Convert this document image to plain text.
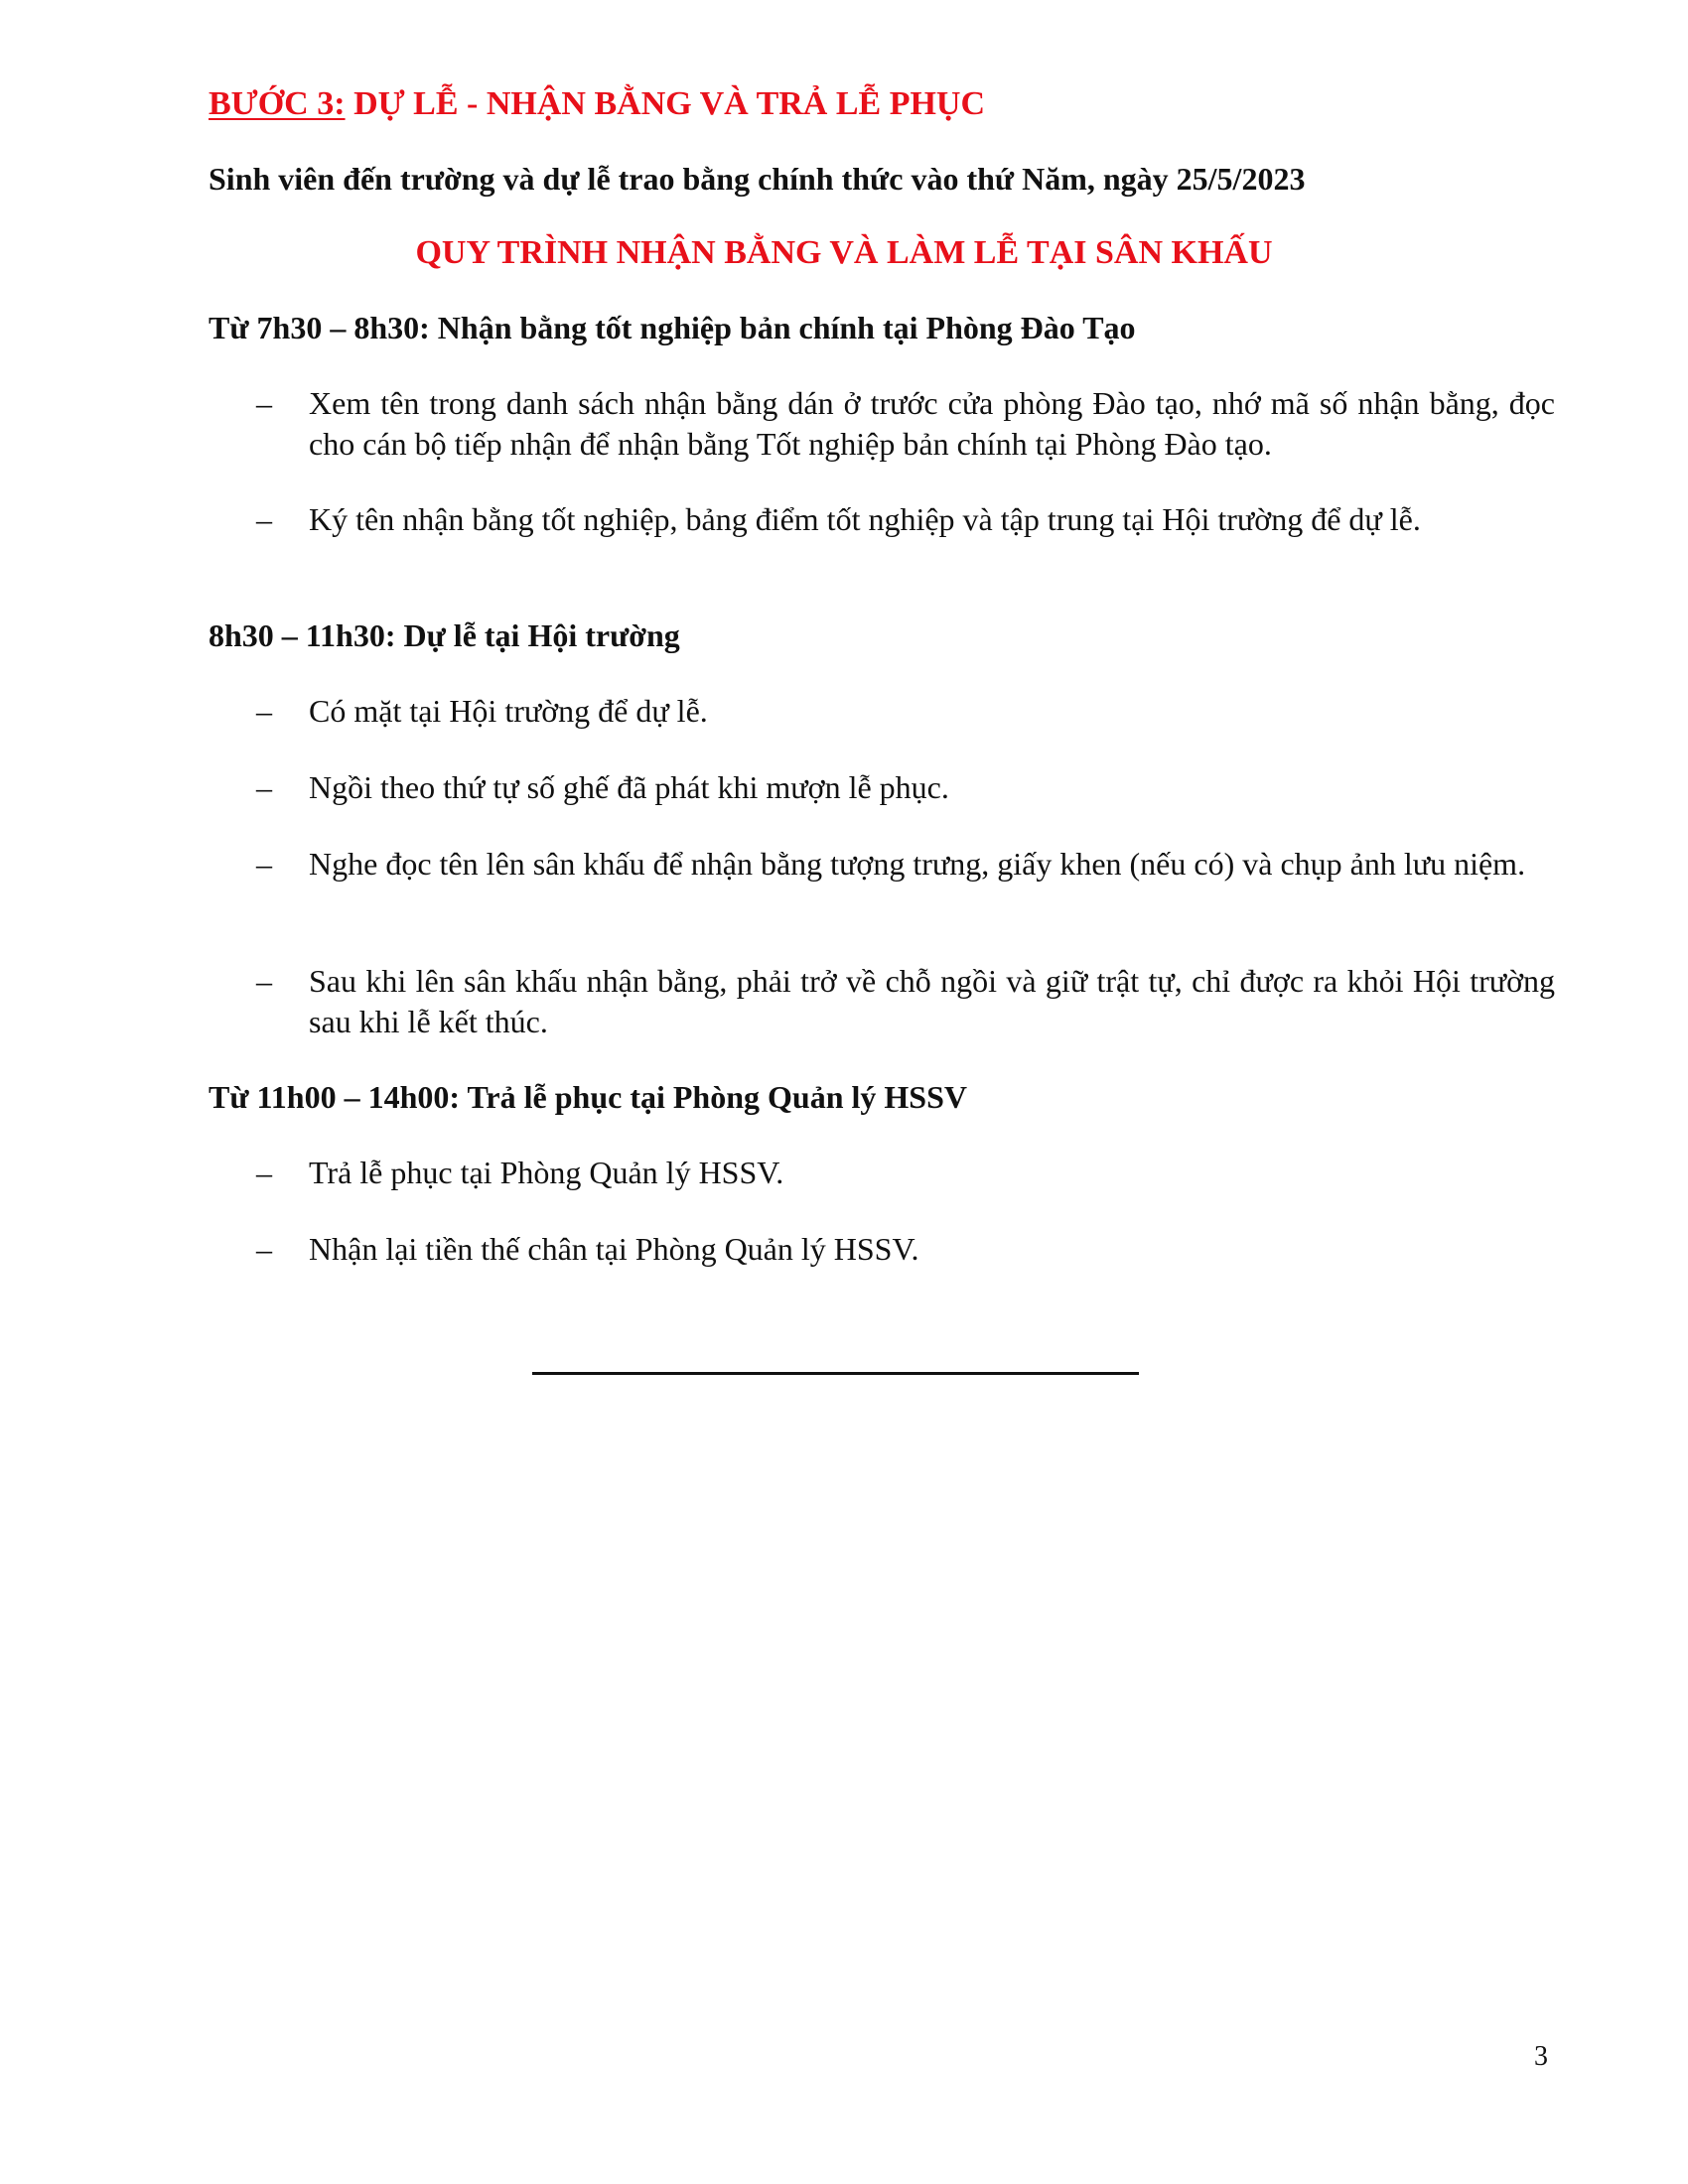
BƯỚC 3: DỰ LỄ - NHẬN BẰNG VÀ TRẢ LỄ PHỤC
Sinh viên đến trường và dự lễ trao bằng chính thức vào thứ Năm, ngày 25/5/2023
QUY TRÌNH NHẬN BẰNG VÀ LÀM LỄ TẠI SÂN KHẤU
Từ 7h30 – 8h30: Nhận bằng tốt nghiệp bản chính tại Phòng Đào Tạo
– Xem tên trong danh sách nhận bằng dán ở trước cửa phòng Đào tạo, nhớ mã số nhận bằng, đọc cho cán bộ tiếp nhận để nhận bằng Tốt nghiệp bản chính tại Phòng Đào tạo.
– Ký tên nhận bằng tốt nghiệp, bảng điểm tốt nghiệp và tập trung tại Hội trường để dự lễ.
8h30 – 11h30: Dự lễ tại Hội trường
– Có mặt tại Hội trường để dự lễ.
– Ngồi theo thứ tự số ghế đã phát khi mượn lễ phục.
– Nghe đọc tên lên sân khấu để nhận bằng tượng trưng, giấy khen (nếu có) và chụp ảnh lưu niệm.
– Sau khi lên sân khấu nhận bằng, phải trở về chỗ ngồi và giữ trật tự, chỉ được ra khỏi Hội trường sau khi lễ kết thúc.
Từ 11h00 – 14h00: Trả lễ phục tại Phòng Quản lý HSSV
– Trả lễ phục tại Phòng Quản lý HSSV.
– Nhận lại tiền thế chân tại Phòng Quản lý HSSV.
3
